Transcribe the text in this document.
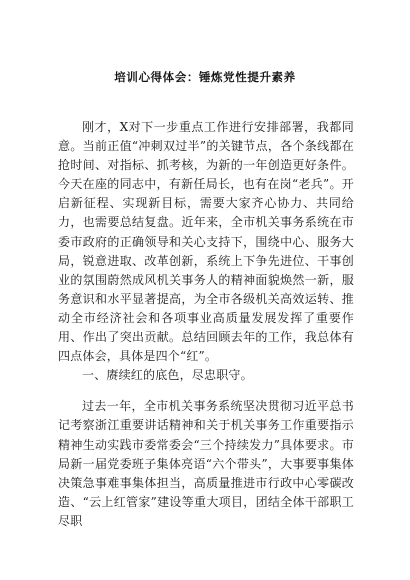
培训心得体会：锤炼党性提升素养

刚才，X对下一步重点工作进行安排部署，我都同意。当前正值“冲刺双过半”的关键节点，各个条线都在抢时间、对指标、抓考核，为新的一年创造更好条件。今天在座的同志中，有新任局长，也有在岗“老兵”。开启新征程、实现新目标，需要大家齐心协力、共同给力，也需要总结复盘。近年来，全市机关事务系统在市委市政府的正确领导和关心支持下，围绕中心、服务大局，锐意进取、改革创新，系统上下争先进位、干事创业的氛围蔚然成风机关事务人的精神面貌焕然一新，服务意识和水平显著提高，为全市各级机关高效运转、推动全市经济社会和各项事业高质量发展发挥了重要作用、作出了突出贡献。总结回顾去年的工作，我总体有四点体会，具体是四个“红”。

一、赓续红的底色，尽忠职守。

过去一年，全市机关事务系统坚决贯彻习近平总书记考察浙江重要讲话精神和关于机关事务工作重要指示精神生动实践市委常委会“三个持续发力”具体要求。市局新一届党委班子集体亮语“六个带头”，大事要事集体决策急事难事集体担当，高质量推进市行政中心零碳改造、“云上红管家”建设等重大项目，团结全体干部职工尽职
